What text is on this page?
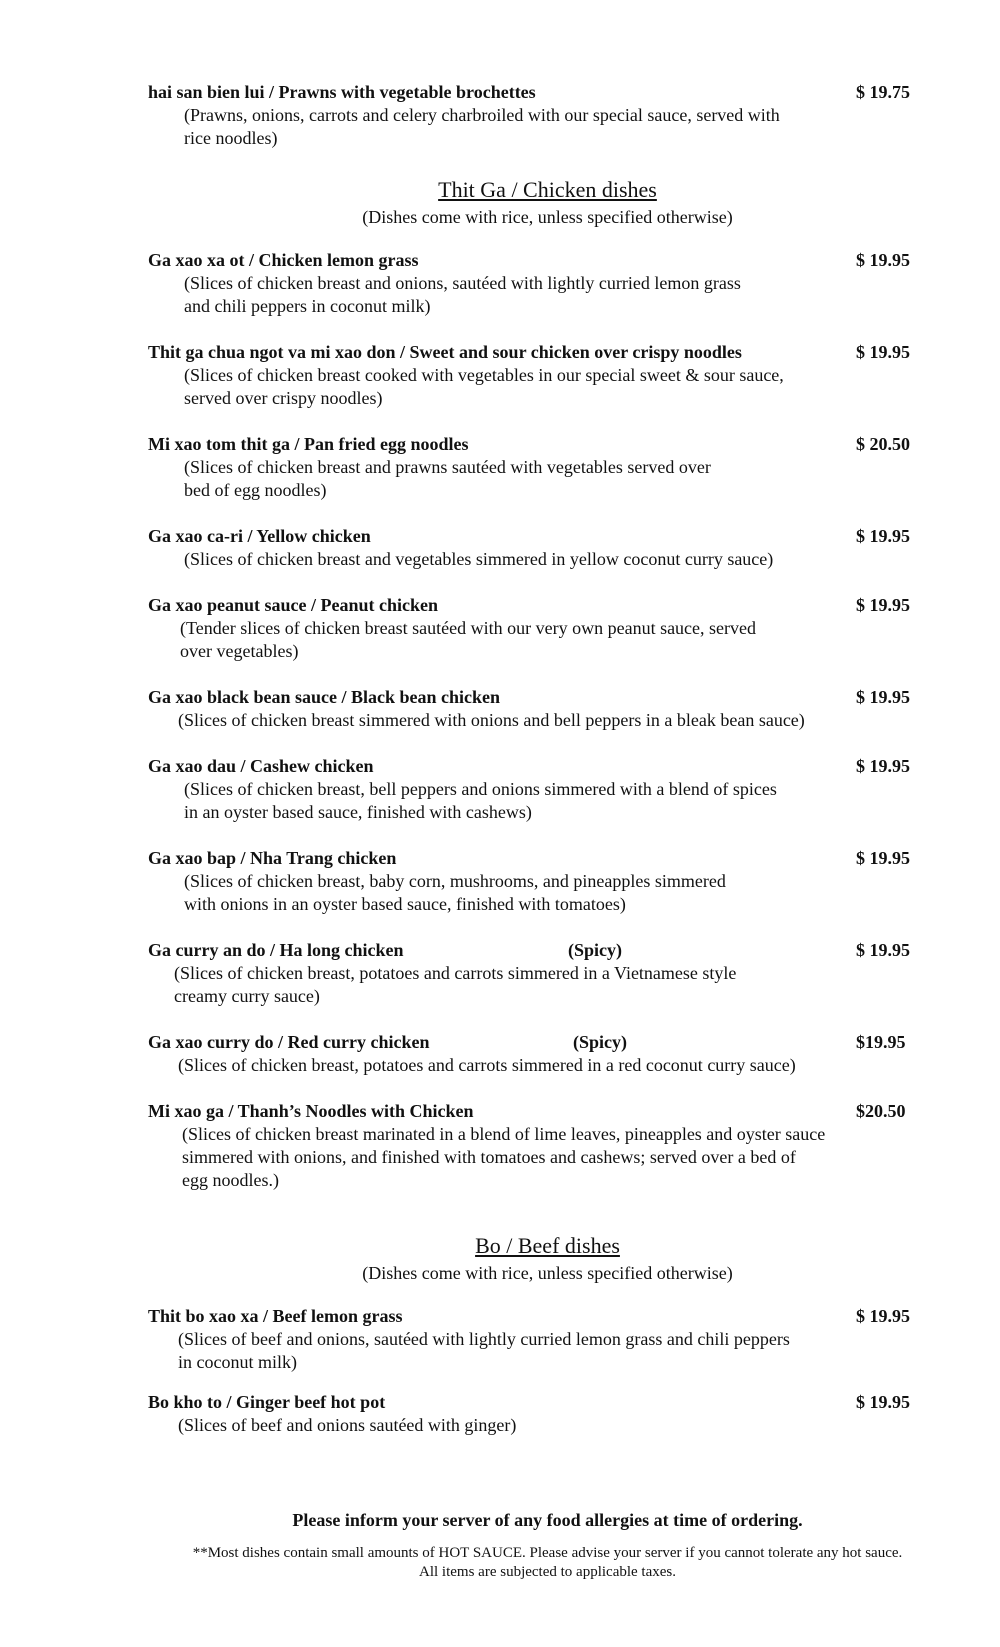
hai san bien lui / Prawns with vegetable brochettes	$ 19.75
(Prawns, onions, carrots and celery charbroiled with our special sauce, served with
rice noodles)
Thit Ga / Chicken dishes
(Dishes come with rice, unless specified otherwise)
Ga xao xa ot / Chicken lemon grass	$ 19.95
(Slices of chicken breast and onions, sautéed with lightly curried lemon grass
and chili peppers in coconut milk)
Thit ga chua ngot va mi xao don / Sweet and sour chicken over crispy noodles	$ 19.95
(Slices of chicken breast cooked with vegetables in our special sweet & sour sauce,
served over crispy noodles)
Mi xao tom thit ga / Pan fried egg noodles	$ 20.50
(Slices of chicken breast and prawns sautéed with vegetables served over
bed of egg noodles)
Ga xao ca-ri / Yellow chicken	$ 19.95
(Slices of chicken breast and vegetables simmered in yellow coconut curry sauce)
Ga xao peanut sauce / Peanut chicken	$ 19.95
(Tender slices of chicken breast sautéed with our very own peanut sauce, served
over vegetables)
Ga xao black bean sauce / Black bean chicken	$ 19.95
(Slices of chicken breast simmered with onions and bell peppers in a bleak bean sauce)
Ga xao dau / Cashew chicken	$ 19.95
(Slices of chicken breast, bell peppers and onions simmered with a blend of spices
in an oyster based sauce, finished with cashews)
Ga xao bap / Nha Trang chicken	$ 19.95
(Slices of chicken breast, baby corn, mushrooms, and pineapples simmered
with onions in an oyster based sauce, finished with tomatoes)
Ga curry an do / Ha long chicken	(Spicy)	$ 19.95
(Slices of chicken breast, potatoes and carrots simmered in a Vietnamese style
creamy curry sauce)
Ga xao curry do / Red curry chicken	(Spicy)	$19.95
(Slices of chicken breast, potatoes and carrots simmered in a red coconut curry sauce)
Mi xao ga / Thanh’s Noodles with Chicken	$20.50
(Slices of chicken breast marinated in a blend of lime leaves, pineapples and oyster sauce
simmered with onions, and finished with tomatoes and cashews; served over a bed of
egg noodles.)
Bo / Beef dishes
(Dishes come with rice, unless specified otherwise)
Thit bo xao xa / Beef lemon grass	$ 19.95
(Slices of beef and onions, sautéed with lightly curried lemon grass and chili peppers
in coconut milk)
Bo kho to / Ginger beef hot pot	$ 19.95
(Slices of beef and onions sautéed with ginger)
Please inform your server of any food allergies at time of ordering.
**Most dishes contain small amounts of HOT SAUCE. Please advise your server if you cannot tolerate any hot sauce.
All items are subjected to applicable taxes.
